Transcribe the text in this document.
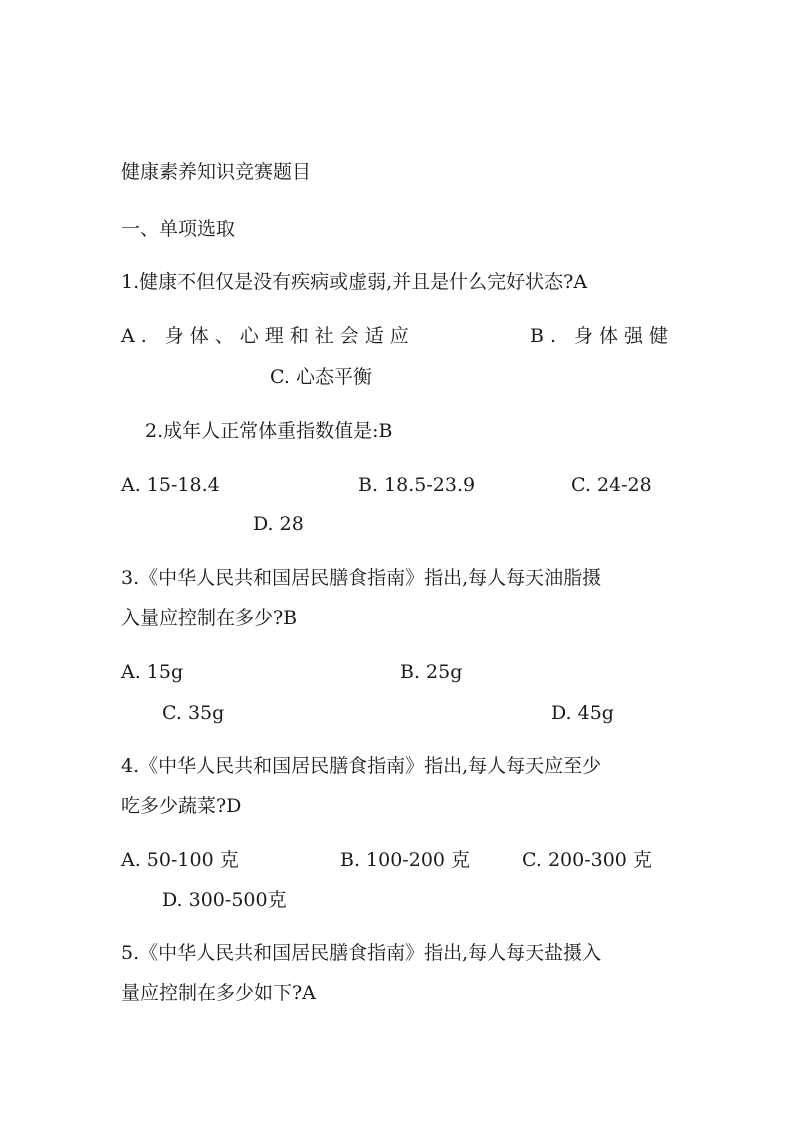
健康素养知识竞赛题目
一、单项选取
1.健康不但仅是没有疾病或虚弱,并且是什么完好状态?A
A. 身体、心理和社会适应	B. 身体强健
C. 心态平衡
2.成年人正常体重指数值是:B
A. 15-18.4	B. 18.5-23.9	C. 24-28
D. 28
3.《中华人民共和国居民膳食指南》指出,每人每天油脂摄
入量应控制在多少?B
A. 15g	B. 25g
C. 35g	D. 45g
4.《中华人民共和国居民膳食指南》指出,每人每天应至少
吃多少蔬菜?D
A. 50-100 克	B. 100-200 克	C. 200-300 克
D. 300-500克
5.《中华人民共和国居民膳食指南》指出,每人每天盐摄入
量应控制在多少如下?A
